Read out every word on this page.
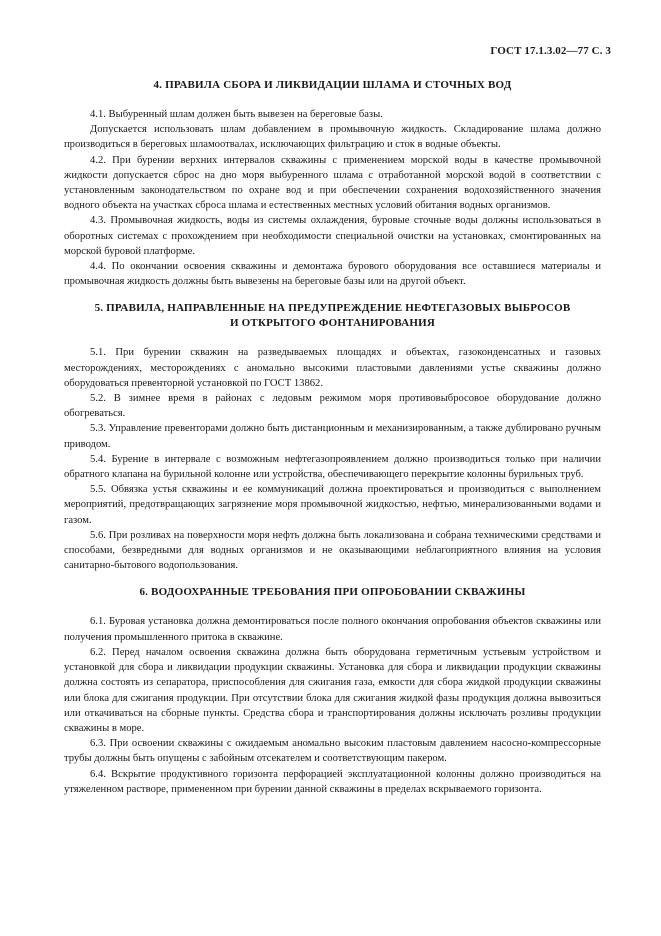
ГОСТ 17.1.3.02—77 С. 3
4. ПРАВИЛА СБОРА И ЛИКВИДАЦИИ ШЛАМА И СТОЧНЫХ ВОД

4.1. Выбуренный шлам должен быть вывезен на береговые базы.

Допускается использовать шлам добавлением в промывочную жидкость. Складирование шлама должно производиться в береговых шламоотвалах, исключающих фильтрацию и сток в водные объекты.

4.2. При бурении верхних интервалов скважины с применением морской воды в качестве промывочной жидкости допускается сброс на дно моря выбуренного шлама с отработанной морской водой в соответствии с установленным законодательством по охране вод и при обеспечении сохранения водохозяйственного значения водного объекта на участках сброса шлама и естественных местных условий обитания водных организмов.

4.3. Промывочная жидкость, воды из системы охлаждения, буровые сточные воды должны использоваться в оборотных системах с прохождением при необходимости специальной очистки на установках, смонтированных на морской буровой платформе.

4.4. По окончании освоения скважины и демонтажа бурового оборудования все оставшиеся материалы и промывочная жидкость должны быть вывезены на береговые базы или на другой объект.

5. ПРАВИЛА, НАПРАВЛЕННЫЕ НА ПРЕДУПРЕЖДЕНИЕ НЕФТЕГАЗОВЫХ ВЫБРОСОВ
И ОТКРЫТОГО ФОНТАНИРОВАНИЯ

5.1. При бурении скважин на разведываемых площадях и объектах, газоконденсатных и газовых месторождениях, месторождениях с аномально высокими пластовыми давлениями устье скважины должно оборудоваться превенторной установкой по ГОСТ 13862.

5.2. В зимнее время в районах с ледовым режимом моря противовыбросовое оборудование должно обогреваться.

5.3. Управление превенторами должно быть дистанционным и механизированным, а также дублировано ручным приводом.

5.4. Бурение в интервале с возможным нефтегазопроявлением должно производиться только при наличии обратного клапана на бурильной колонне или устройства, обеспечивающего перекрытие колонны бурильных труб.

5.5. Обвязка устья скважины и ее коммуникаций должна проектироваться и производиться с выполнением мероприятий, предотвращающих загрязнение моря промывочной жидкостью, нефтью, минерализованными водами и газом.

5.6. При розливах на поверхности моря нефть должна быть локализована и собрана техническими средствами и способами, безвредными для водных организмов и не оказывающими неблагоприятного влияния на условия санитарно-бытового водопользования.

6. ВОДООХРАННЫЕ ТРЕБОВАНИЯ ПРИ ОПРОБОВАНИИ СКВАЖИНЫ

6.1. Буровая установка должна демонтироваться после полного окончания опробования объектов скважины или получения промышленного притока в скважине.

6.2. Перед началом освоения скважина должна быть оборудована герметичным устьевым устройством и установкой для сбора и ликвидации продукции скважины. Установка для сбора и ликвидации продукции скважины должна состоять из сепаратора, приспособления для сжигания газа, емкости для сбора жидкой продукции скважины или блока для сжигания продукции. При отсутствии блока для сжигания жидкой фазы продукция должна вывозиться или откачиваться на сборные пункты. Средства сбора и транспортирования должны исключать розливы продукции скважины в море.

6.3. При освоении скважины с ожидаемым аномально высоким пластовым давлением насосно-компрессорные трубы должны быть опущены с забойным отсекателем и соответствующим пакером.

6.4. Вскрытие продуктивного горизонта перфорацией эксплуатационной колонны должно производиться на утяжеленном растворе, примененном при бурении данной скважины в пределах вскрываемого горизонта.
